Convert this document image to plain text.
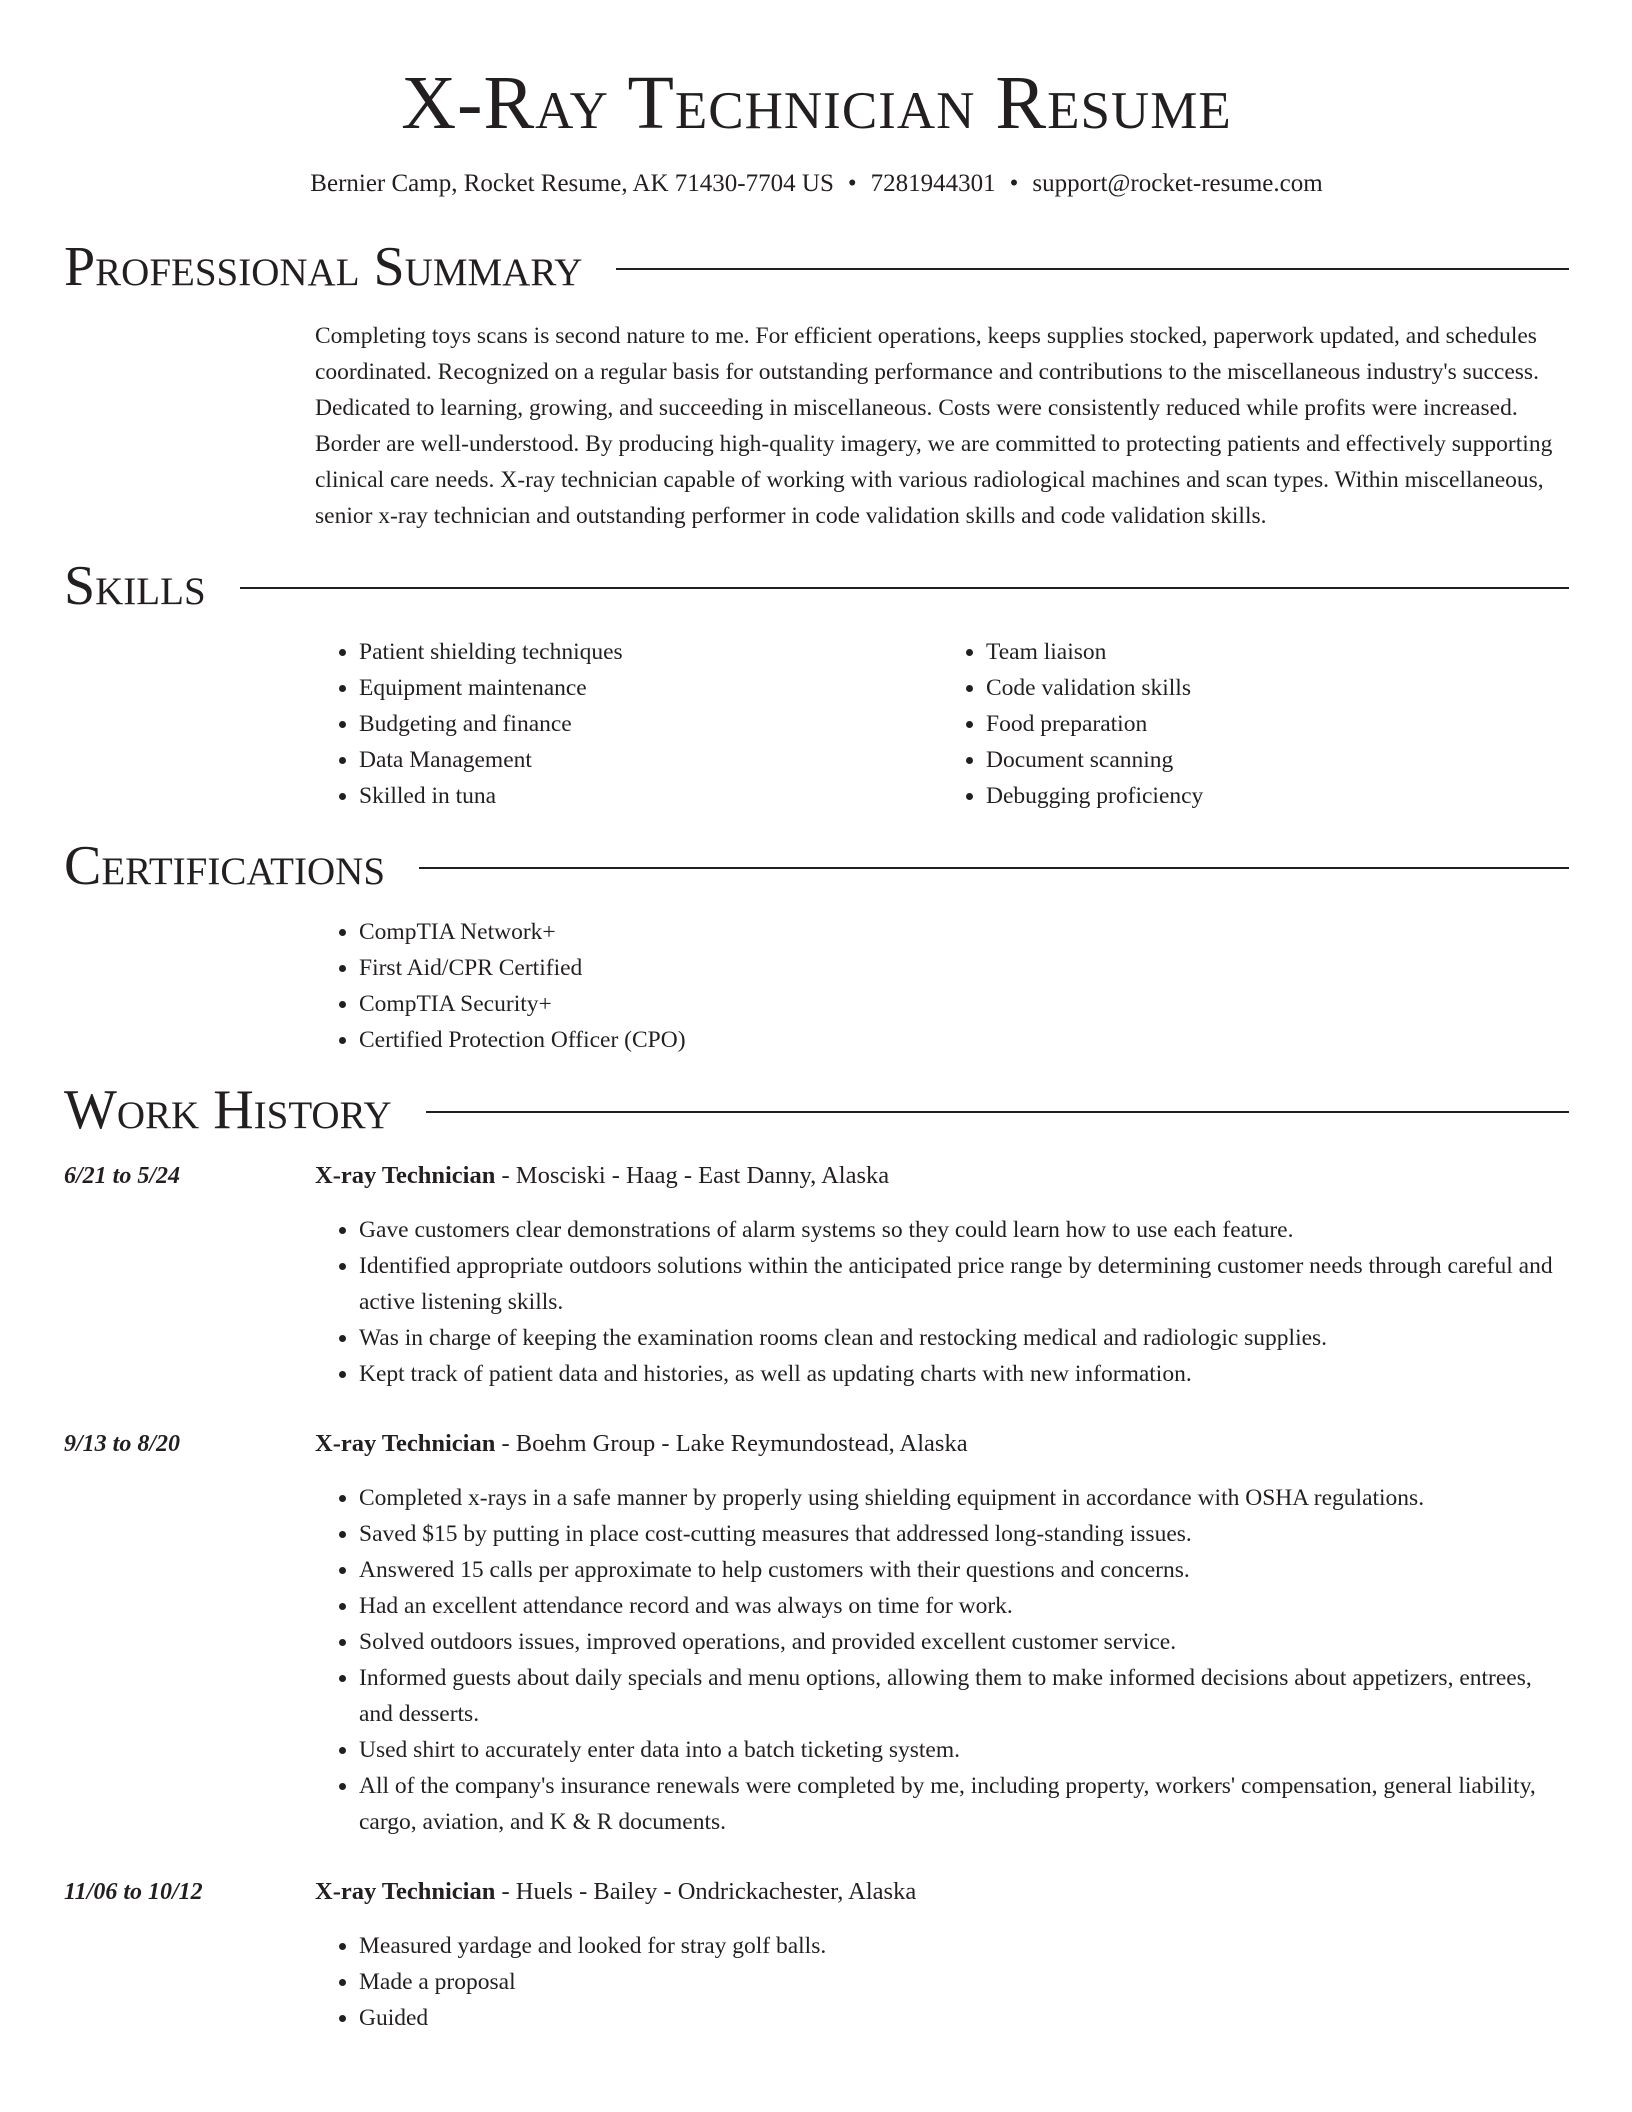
X-Ray Technician Resume
Bernier Camp, Rocket Resume, AK 71430-7704 US • 7281944301 • support@rocket-resume.com
Professional Summary
Completing toys scans is second nature to me. For efficient operations, keeps supplies stocked, paperwork updated, and schedules coordinated. Recognized on a regular basis for outstanding performance and contributions to the miscellaneous industry's success. Dedicated to learning, growing, and succeeding in miscellaneous. Costs were consistently reduced while profits were increased. Border are well-understood. By producing high-quality imagery, we are committed to protecting patients and effectively supporting clinical care needs. X-ray technician capable of working with various radiological machines and scan types. Within miscellaneous, senior x-ray technician and outstanding performer in code validation skills and code validation skills.
Skills
• Patient shielding techniques
• Equipment maintenance
• Budgeting and finance
• Data Management
• Skilled in tuna
• Team liaison
• Code validation skills
• Food preparation
• Document scanning
• Debugging proficiency
Certifications
• CompTIA Network+
• First Aid/CPR Certified
• CompTIA Security+
• Certified Protection Officer (CPO)
Work History
6/21 to 5/24	X-ray Technician - Mosciski - Haag - East Danny, Alaska
• Gave customers clear demonstrations of alarm systems so they could learn how to use each feature.
• Identified appropriate outdoors solutions within the anticipated price range by determining customer needs through careful and active listening skills.
• Was in charge of keeping the examination rooms clean and restocking medical and radiologic supplies.
• Kept track of patient data and histories, as well as updating charts with new information.
9/13 to 8/20	X-ray Technician - Boehm Group - Lake Reymundostead, Alaska
• Completed x-rays in a safe manner by properly using shielding equipment in accordance with OSHA regulations.
• Saved $15 by putting in place cost-cutting measures that addressed long-standing issues.
• Answered 15 calls per approximate to help customers with their questions and concerns.
• Had an excellent attendance record and was always on time for work.
• Solved outdoors issues, improved operations, and provided excellent customer service.
• Informed guests about daily specials and menu options, allowing them to make informed decisions about appetizers, entrees, and desserts.
• Used shirt to accurately enter data into a batch ticketing system.
• All of the company's insurance renewals were completed by me, including property, workers' compensation, general liability, cargo, aviation, and K & R documents.
11/06 to 10/12	X-ray Technician - Huels - Bailey - Ondrickachester, Alaska
• Measured yardage and looked for stray golf balls.
• Made a proposal
• Guided
